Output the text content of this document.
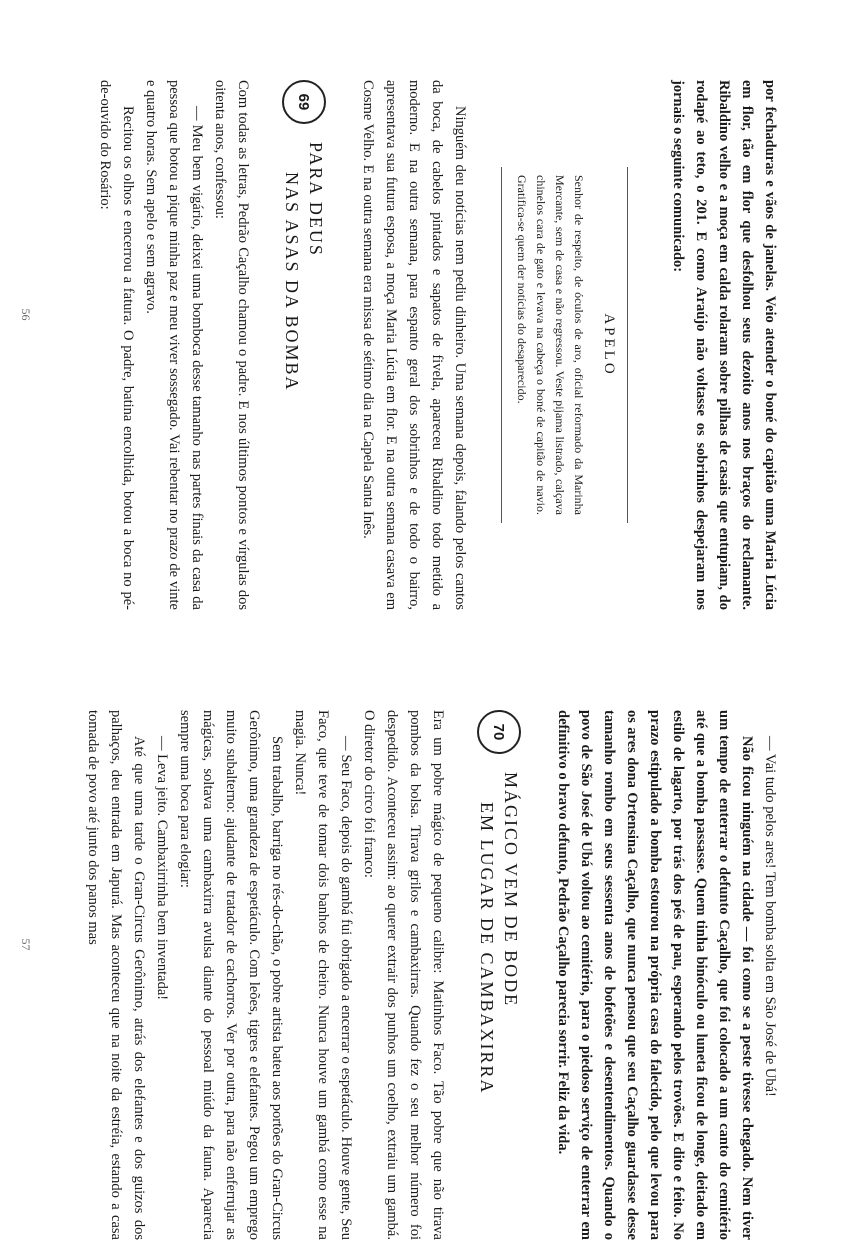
por fechaduras e vãos de janelas. Veio atender o boné do capitão uma Maria Lúcia em flor, tão em flor que desfolhou seus dezoito anos nos braços do reclamante. Ribaldino velho e a moça em calda rolaram sobre pilhas de casais que entupiam, do rodapé ao teto, o 201. E como Araújo não voltasse os sobrinhos despejaram nos jornais o seguinte comunicado:

APELO

Senhor de respeito, de óculos de aro, oficial reformado da Marinha Mercante, sem de casa e não regressou. Veste pijama listrado, calçava chinelos cara de gato e levava na cabeça o boné de capitão de navio. Gratifica-se quem der notícias do desaparecido.

Ninguém deu notícias nem pediu dinheiro. Uma semana depois, falando pelos cantos da boca, de cabelos pintados e sapatos de fivela, apareceu Ribaldino todo metido a moderno. E na outra semana, para espanto geral dos sobrinhos e de todo o bairro, apresentava sua futura esposa, a moça Maria Lúcia em flor. E na outra semana casava em Cosme Velho. E na outra semana era missa de sétimo dia na Capela Santa Inês.

69
PARA DEUS
NAS ASAS DA BOMBA

Com todas as letras, Pedrão Caçalho chamou o padre. E nos últimos pontos e vírgulas dos oitenta anos, confessou:

— Meu bem vigário, deixei uma bomboca desse tamanho nas partes finais da casa da pessoa que botou a pique minha paz e meu viver sossegado. Vai rebentar no prazo de vinte e quatro horas. Sem apelo e sem agravo.

Recitou os olhos e encerrou a fatura. O padre, batina encolhida, botou a boca no pé-de-ouvido do Rosário:

56

— Vai tudo pelos ares! Tem bomba solta em São José de Ubá!

Não ficou ninguém na cidade — foi como se a peste tivesse chegado. Nem tiver um tempo de enterrar o defunto Caçalho, que foi colocado a um canto do cemitério até que a bomba passasse. Quem tinha binóculo ou luneta ficou de longe, deitado em estilo de lagarto, por trás dos pés de pau, esperando pelos trovões. E dito e feito. No prazo estipulado a bomba estourou na própria casa do falecido, pelo que levou para os ares dona Ortensina Caçalho, que nunca pensou que seu Caçalho guardasse desse tamanho rombo em seus sessenta anos de bofetões e desentendimentos. Quando o povo de São José de Ubá voltou ao cemitério, para o piedoso serviço de enterrar em definitivo o bravo defunto, Pedrão Caçalho parecia sorrir. Feliz da vida.

70
MÁGICO VEM DE BODE
EM LUGAR DE CAMBAXIRRA

Era um pobre mágico de pequeno calibre: Matinhos Faco. Tão pobre que não tirava pombos da bolsa. Tirava grilos e cambaxirras. Quando fez o seu melhor número foi despedido. Aconteceu assim: ao querer extrair dos punhos um coelho, extraiu um gambá. O diretor do circo foi franco:

— Seu Faco, depois do gambá fui obrigado a encerrar o espetáculo. Houve gente, Seu Faco, que teve de tomar dois banhos de cheiro. Nunca houve um gambá como esse na magia. Nunca!

Sem trabalho, barriga no rés-do-chão, o pobre artista bateu aos portões do Gran-Circus Gerônimo, uma grandeza de espetáculo. Com leões, tigres e elefantes. Pegou um emprego muito subalterno: ajudante de tratador de cachorros. Ver por outra, para não enferrujar as mágicas, soltava uma cambaxirra avulsa diante do pessoal miúdo da fauna. Aparecia sempre uma boca para elogiar:

— Leva jeito. Cambaxirrinha bem inventada!

Até que uma tarde o Gran-Circus Gerônimo, atrás dos elefantes e dos guizos dos palhaços, deu entrada em Japurá. Mas aconteceu que na noite da estréia, estando a casa tomada de povo até junto dos panos mas

57
